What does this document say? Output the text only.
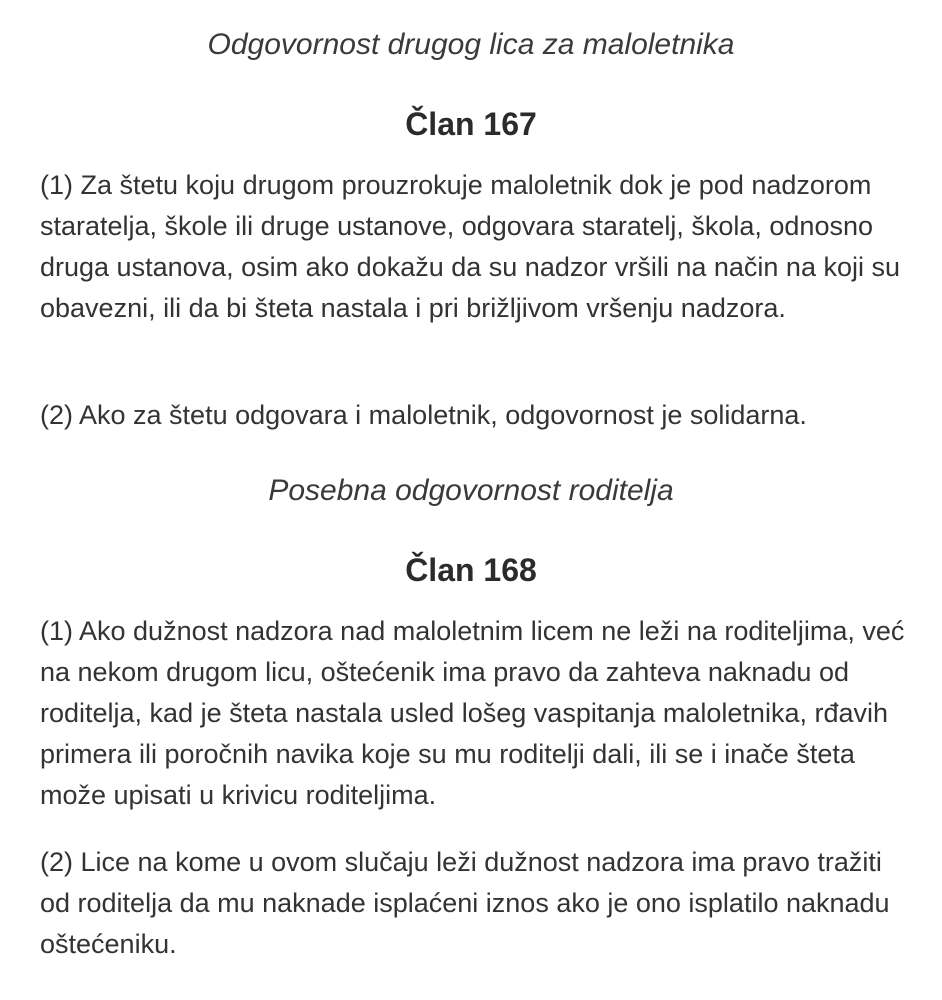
Odgovornost drugog lica za maloletnika
Član 167

(1) Za štetu koju drugom prouzrokuje maloletnik dok je pod nadzorom staratelja, škole ili druge ustanove, odgovara staratelj, škola, odnosno druga ustanova, osim ako dokažu da su nadzor vršili na način na koji su obavezni, ili da bi šteta nastala i pri brižljivom vršenju nadzora.

(2) Ako za štetu odgovara i maloletnik, odgovornost je solidarna.

Posebna odgovornost roditelja
Član 168

(1) Ako dužnost nadzora nad maloletnim licem ne leži na roditeljima, već na nekom drugom licu, oštećenik ima pravo da zahteva naknadu od roditelja, kad je šteta nastala usled lošeg vaspitanja maloletnika, rđavih primera ili poročnih navika koje su mu roditelji dali, ili se i inače šteta može upisati u krivicu roditeljima.

(2) Lice na kome u ovom slučaju leži dužnost nadzora ima pravo tražiti od roditelja da mu naknade isplaćeni iznos ako je ono isplatilo naknadu oštećeniku.
